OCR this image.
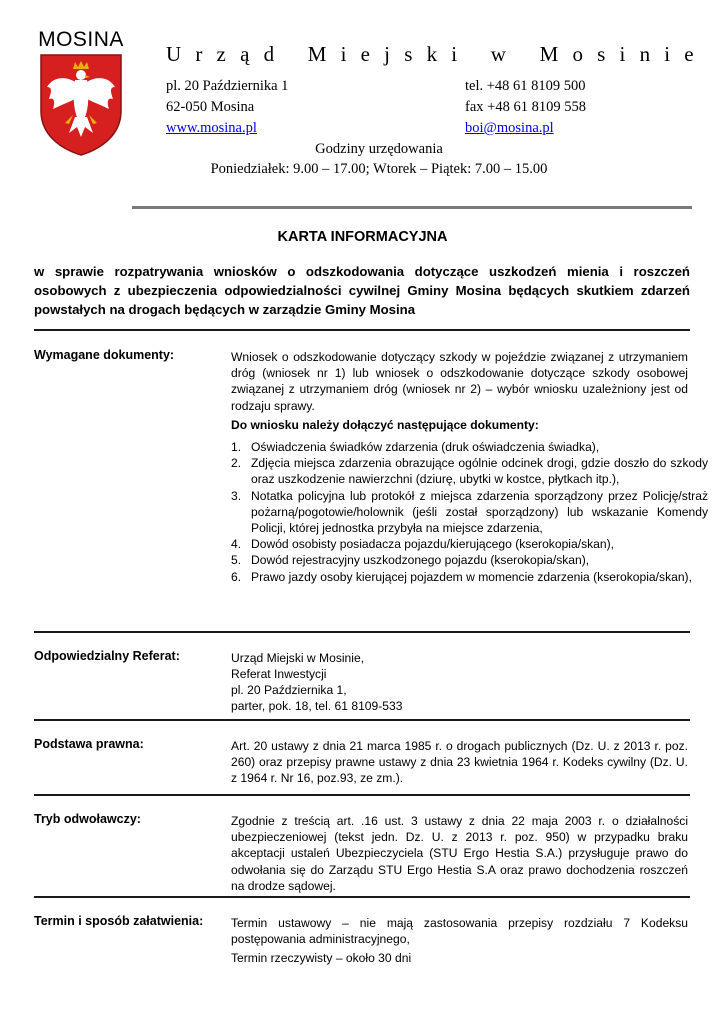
MOSINA
Urząd Miejski w Mosinie
pl. 20 Października 1
62-050 Mosina
www.mosina.pl
tel. +48 61 8109 500
fax +48 61 8109 558
boi@mosina.pl
Godziny urzędowania
Poniedziałek: 9.00 – 17.00; Wtorek – Piątek: 7.00 – 15.00
KARTA INFORMACYJNA
w sprawie rozpatrywania wniosków o odszkodowania dotyczące uszkodzeń mienia i roszczeń osobowych z ubezpieczenia odpowiedzialności cywilnej Gminy Mosina będących skutkiem zdarzeń powstałych na drogach będących w zarządzie Gminy Mosina
Wymagane dokumenty:	Wniosek o odszkodowanie dotyczący szkody w pojeździe związanej z utrzymaniem dróg (wniosek nr 1) lub wniosek o odszkodowanie dotyczące szkody osobowej związanej z utrzymaniem dróg (wniosek nr 2) – wybór wniosku uzależniony jest od rodzaju sprawy.
Do wniosku należy dołączyć następujące dokumenty:
1. Oświadczenia świadków zdarzenia (druk oświadczenia świadka),
2. Zdjęcia miejsca zdarzenia obrazujące ogólnie odcinek drogi, gdzie doszło do szkody oraz uszkodzenie nawierzchni (dziurę, ubytki w kostce, płytkach itp.),
3. Notatka policyjna lub protokół z miejsca zdarzenia sporządzony przez Policję/straż pożarną/pogotowie/holownik (jeśli został sporządzony) lub wskazanie Komendy Policji, której jednostka przybyła na miejsce zdarzenia,
4. Dowód osobisty posiadacza pojazdu/kierującego (kserokopia/skan),
5. Dowód rejestracyjny uszkodzonego pojazdu (kserokopia/skan),
6. Prawo jazdy osoby kierującej pojazdem w momencie zdarzenia (kserokopia/skan),
Odpowiedzialny Referat:	Urząd Miejski w Mosinie,
Referat Inwestycji
pl. 20 Października 1,
parter, pok. 18, tel. 61 8109-533
Podstawa prawna:	Art. 20 ustawy z dnia 21 marca 1985 r. o drogach publicznych (Dz. U. z 2013 r. poz. 260) oraz przepisy prawne ustawy z dnia 23 kwietnia 1964 r. Kodeks cywilny (Dz. U. z 1964 r. Nr 16, poz.93, ze zm.).
Tryb odwoławczy:	Zgodnie z treścią art. .16 ust. 3 ustawy z dnia 22 maja 2003 r. o działalności ubezpieczeniowej (tekst jedn. Dz. U. z 2013 r. poz. 950) w przypadku braku akceptacji ustaleń Ubezpieczyciela (STU Ergo Hestia S.A.) przysługuje prawo do odwołania się do Zarządu STU Ergo Hestia S.A oraz prawo dochodzenia roszczeń na drodze sądowej.
Termin i sposób załatwienia: Termin ustawowy – nie mają zastosowania przepisy rozdziału 7 Kodeksu postępowania administracyjnego,
Termin rzeczywisty – około 30 dni
